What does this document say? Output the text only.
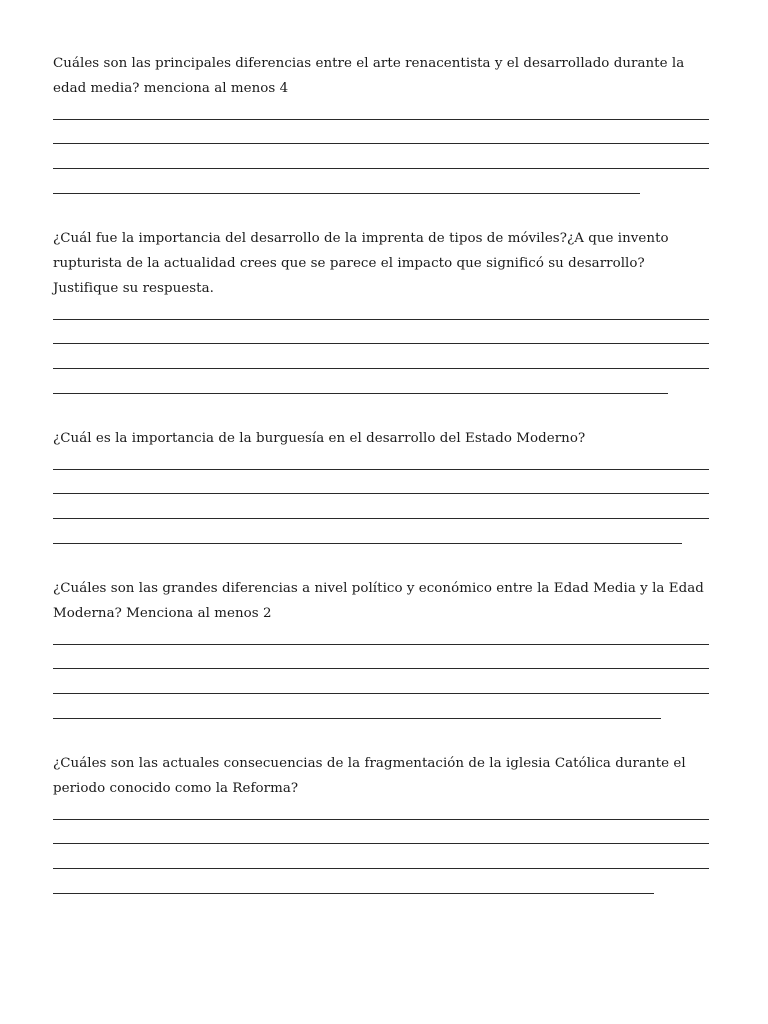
Cuáles son las principales diferencias entre el arte renacentista y el desarrollado durante la edad media? menciona al menos 4

¿Cuál fue la importancia del desarrollo de la imprenta de tipos de móviles?¿A que invento rupturista de la actualidad crees que se parece el impacto que significó su desarrollo? Justifique su respuesta.

¿Cuál es la importancia de la burguesía en el desarrollo del Estado Moderno?

¿Cuáles son las grandes diferencias a nivel político y económico entre la Edad Media y la Edad Moderna? Menciona al menos 2

¿Cuáles son las actuales consecuencias de la fragmentación de la iglesia Católica durante el periodo conocido como la Reforma?
